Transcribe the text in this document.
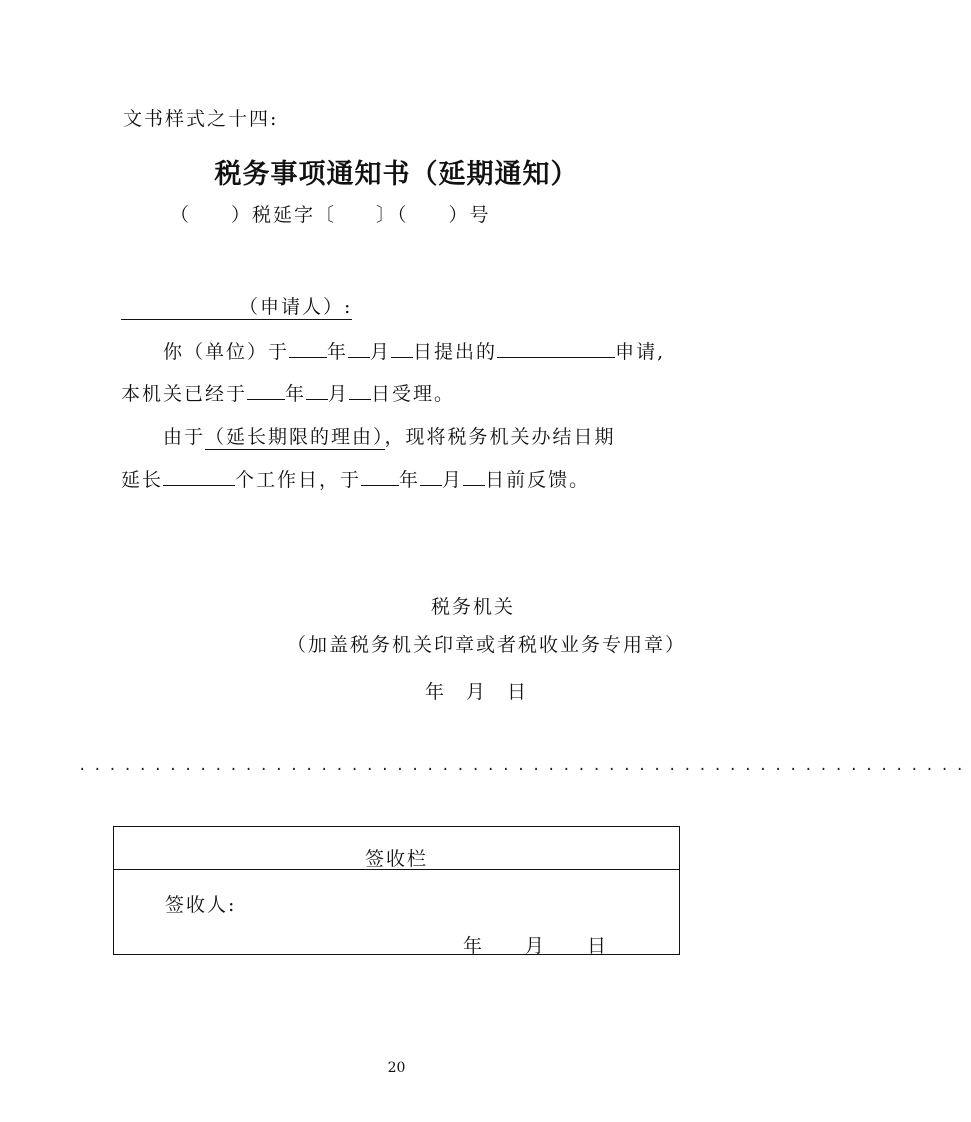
文书样式之十四:
税务事项通知书（延期通知）
（ ）税延字〔 〕（ ）号
（申请人）:
你（单位）于 年 月 日提出的	申请,
本机关已经于 年 月 日受理。
由于（延长期限的理由），现将税务机关办结日期
延长	个工作日，于 年 月 日前反馈。
税务机关
（加盖税务机关印章或者税收业务专用章）
年 月 日
...........................................................
签收栏
签收人:
年 月 日
20
